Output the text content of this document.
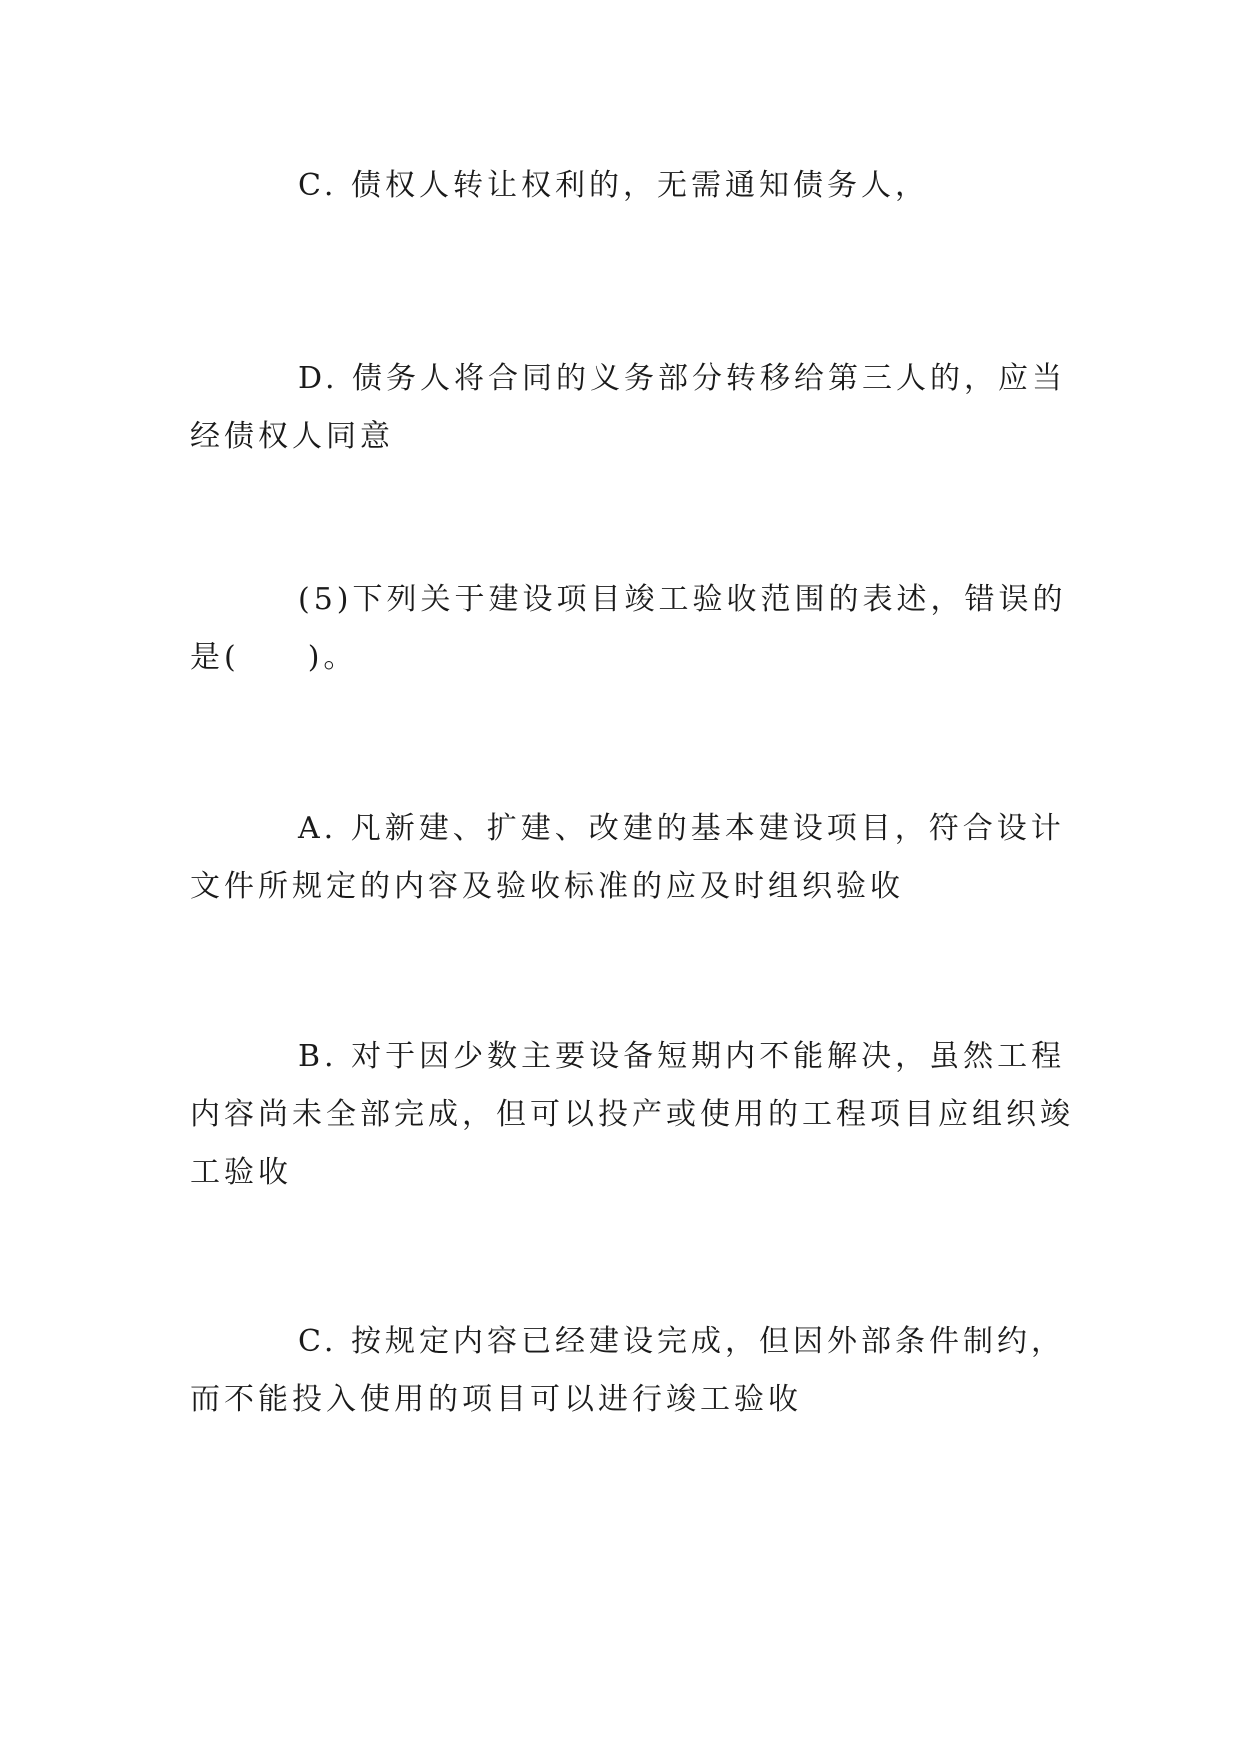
C. 债权人转让权利的，无需通知债务人，
D. 债务人将合同的义务部分转移给第三人的，应当
经债权人同意
(5)下列关于建设项目竣工验收范围的表述，错误的
是(　　)。
A. 凡新建、扩建、改建的基本建设项目，符合设计
文件所规定的内容及验收标准的应及时组织验收
B. 对于因少数主要设备短期内不能解决，虽然工程
内容尚未全部完成，但可以投产或使用的工程项目应组织竣
工验收
C. 按规定内容已经建设完成，但因外部条件制约，
而不能投入使用的项目可以进行竣工验收
